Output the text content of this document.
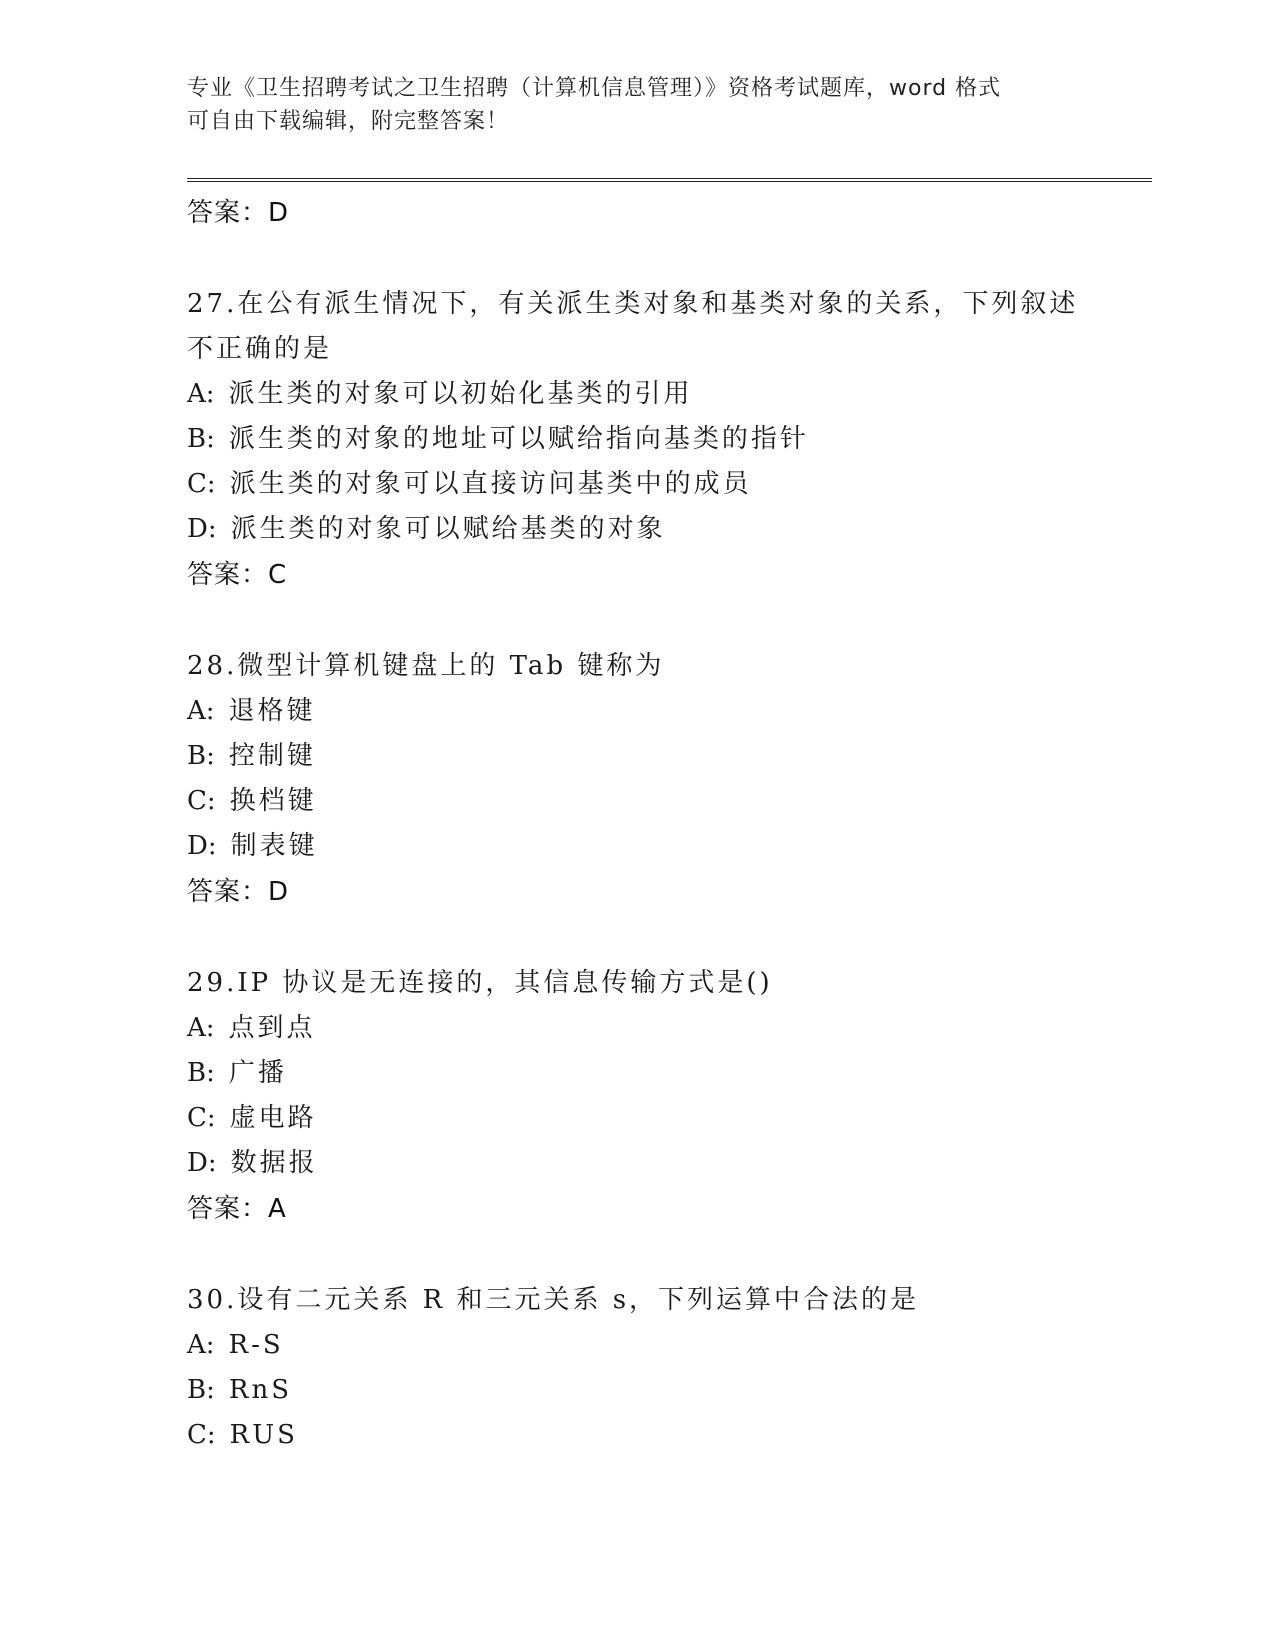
专业《卫生招聘考试之卫生招聘（计算机信息管理）》资格考试题库，word 格式
可自由下载编辑，附完整答案！
答案：D
27.在公有派生情况下，有关派生类对象和基类对象的关系，下列叙述
不正确的是
A: 派生类的对象可以初始化基类的引用
B: 派生类的对象的地址可以赋给指向基类的指针
C: 派生类的对象可以直接访问基类中的成员
D: 派生类的对象可以赋给基类的对象
答案：C
28.微型计算机键盘上的 Tab 键称为
A: 退格键
B: 控制键
C: 换档键
D: 制表键
答案：D
29.IP 协议是无连接的，其信息传输方式是()
A: 点到点
B: 广播
C: 虚电路
D: 数据报
答案：A
30.设有二元关系 R 和三元关系 s，下列运算中合法的是
A: R-S
B: RnS
C: RUS
